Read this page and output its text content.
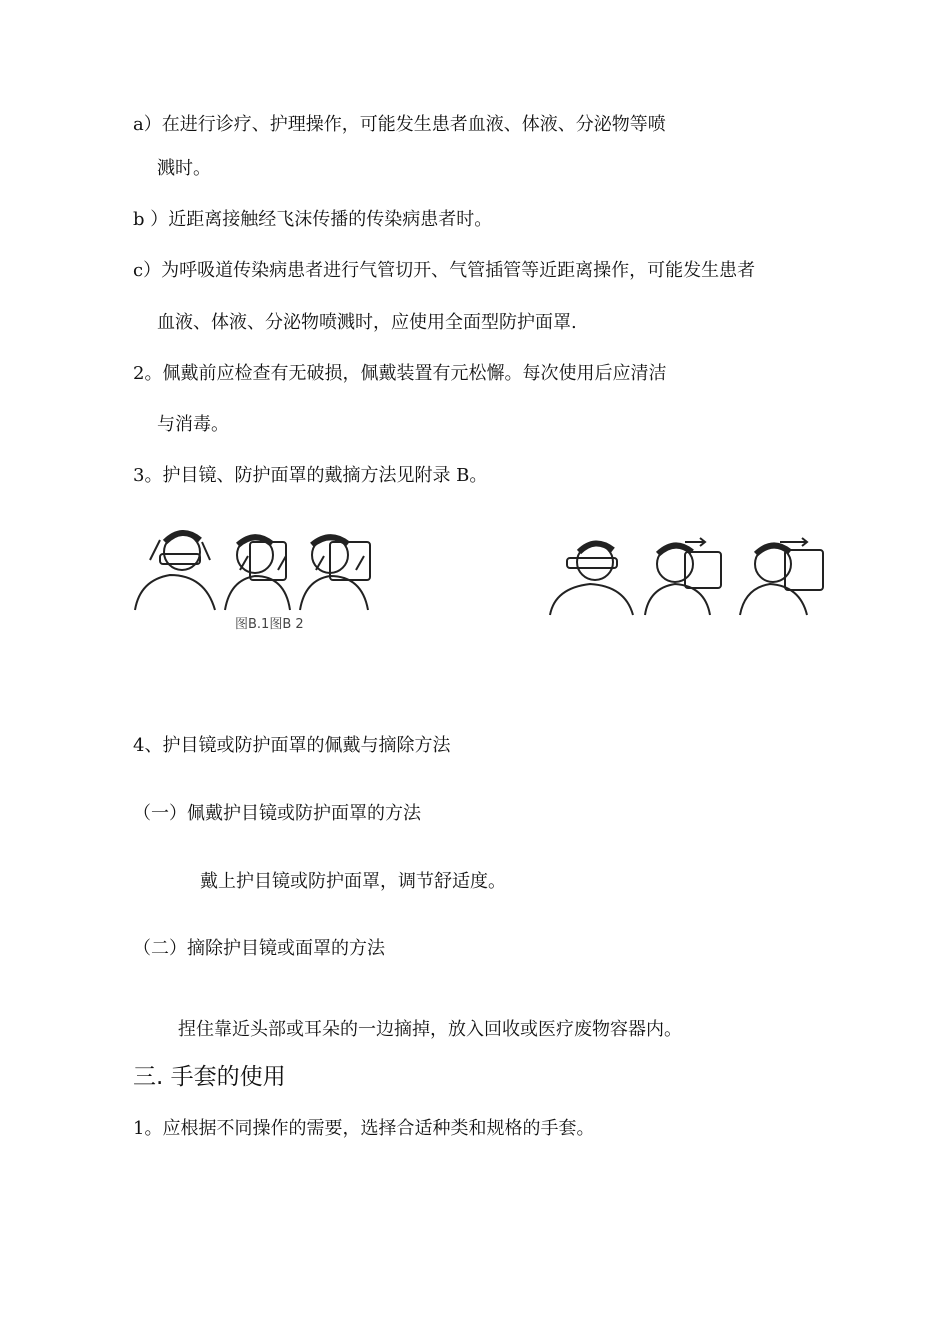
a）在进行诊疗、护理操作，可能发生患者血液、体液、分泌物等喷
溅时。
b ）近距离接触经飞沫传播的传染病患者时。
c）为呼吸道传染病患者进行气管切开、气管插管等近距离操作，可能发生患者
血液、体液、分泌物喷溅时，应使用全面型防护面罩.
2。佩戴前应检查有无破损，佩戴装置有元松懈。每次使用后应清洁
与消毒。
3。护目镜、防护面罩的戴摘方法见附录 B。
图B.1图B 2
4、护目镜或防护面罩的佩戴与摘除方法
（一）佩戴护目镜或防护面罩的方法
戴上护目镜或防护面罩，调节舒适度。
（二）摘除护目镜或面罩的方法
捏住靠近头部或耳朵的一边摘掉，放入回收或医疗废物容器内。
三. 手套的使用
1。应根据不同操作的需要，选择合适种类和规格的手套。
